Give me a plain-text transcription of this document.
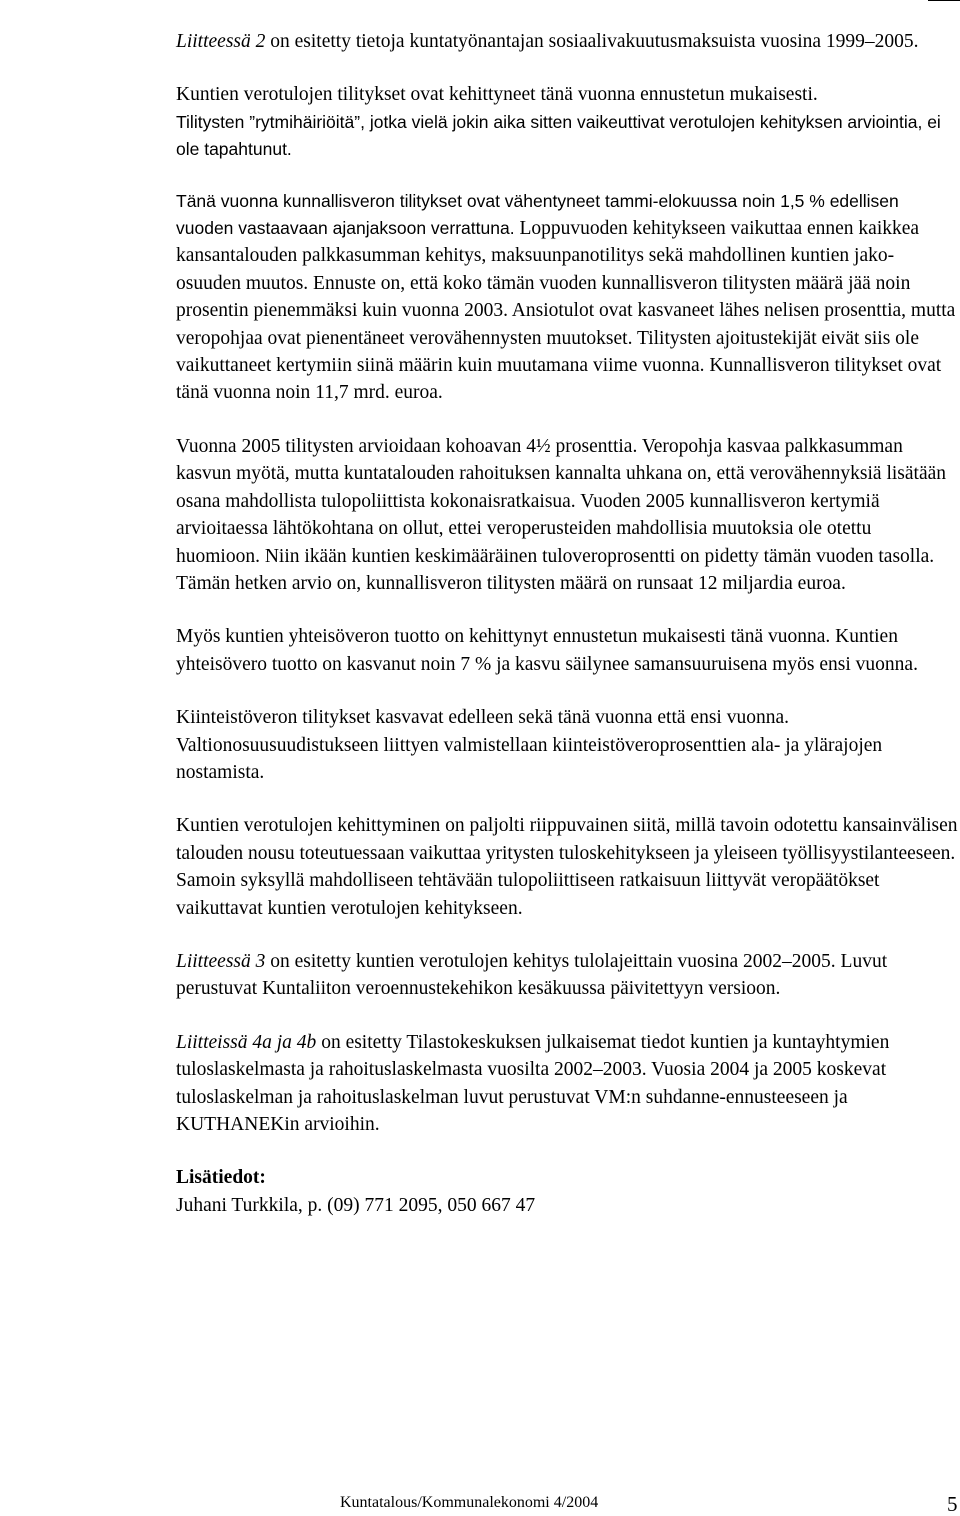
Liitteessä 2 on esitetty tietoja kuntatyönantajan sosiaalivakuutusmaksuista vuosina 1999–2005.

Kuntien verotulojen tilitykset ovat kehittyneet tänä vuonna ennustetun mukaisesti.

Tilitysten ”rytmihäiriöitä”, jotka vielä jokin aika sitten vaikeuttivat verotulojen kehityksen arviointia, ei ole tapahtunut.

Tänä vuonna kunnallisveron tilitykset ovat vähentyneet tammi-elokuussa noin 1,5 % edellisen vuoden vastaavaan ajanjaksoon verrattuna. Loppuvuoden kehitykseen vaikuttaa ennen kaikkea kansantalouden palkkasumman kehitys, maksuunpanotilitys sekä mahdollinen kuntien jako-osuuden muutos. Ennuste on, että koko tämän vuoden kunnallisveron tilitysten määrä jää noin prosentin pienemmäksi kuin vuonna 2003. Ansiotulot ovat kasvaneet lähes nelisen prosenttia, mutta veropohjaa ovat pienentäneet verovähennysten muutokset. Tilitysten ajoitustekijät eivät siis ole vaikuttaneet kertymiin siinä määrin kuin muutamana viime vuonna. Kunnallisveron tilitykset ovat tänä vuonna noin 11,7 mrd. euroa.

Vuonna 2005 tilitysten arvioidaan kohoavan 4½ prosenttia. Veropohja kasvaa palkkasumman kasvun myötä, mutta kuntatalouden rahoituksen kannalta uhkana on, että verovähennyksiä lisätään osana mahdollista tulopoliittista kokonaisratkaisua. Vuoden 2005 kunnallisveron kertymiä arvioitaessa lähtökohtana on ollut, ettei veroperusteiden mahdollisia muutoksia ole otettu huomioon. Niin ikään kuntien keskimääräinen tuloveroprosentti on pidetty tämän vuoden tasolla. Tämän hetken arvio on, kunnallisveron tilitysten määrä on runsaat 12 miljardia euroa.

Myös kuntien yhteisöveron tuotto on kehittynyt ennustetun mukaisesti tänä vuonna. Kuntien yhteisövero tuotto on kasvanut noin 7 % ja kasvu säilynee samansuuruisena myös ensi vuonna.

Kiinteistöveron tilitykset kasvavat edelleen sekä tänä vuonna että ensi vuonna. Valtionosuusuudistukseen liittyen valmistellaan kiinteistöveroprosenttien ala- ja ylärajojen nostamista.

Kuntien verotulojen kehittyminen on paljolti riippuvainen siitä, millä tavoin odotettu kansainvälisen talouden nousu toteutuessaan vaikuttaa yritysten tuloskehitykseen ja yleiseen työllisyystilanteeseen. Samoin syksyllä mahdolliseen tehtävään tulopoliittiseen ratkaisuun liittyvät veropäätökset vaikuttavat kuntien verotulojen kehitykseen.

Liitteessä 3 on esitetty kuntien verotulojen kehitys tulolajeittain vuosina 2002–2005. Luvut perustuvat Kuntaliiton veroennustekehikon kesäkuussa päivitettyyn versioon.

Liitteissä 4a ja 4b on esitetty Tilastokeskuksen julkaisemat tiedot kuntien ja kuntayhtymien tuloslaskelmasta ja rahoituslaskelmasta vuosilta 2002–2003. Vuosia 2004 ja 2005 koskevat tuloslaskelman ja rahoituslaskelman luvut perustuvat VM:n suhdanne-ennusteeseen ja KUTHANEKin arvioihin.

Lisätiedot:
Juhani Turkkila, p. (09) 771 2095, 050 667 47

Kuntatalous/Kommunalekonomi 4/2004	5
